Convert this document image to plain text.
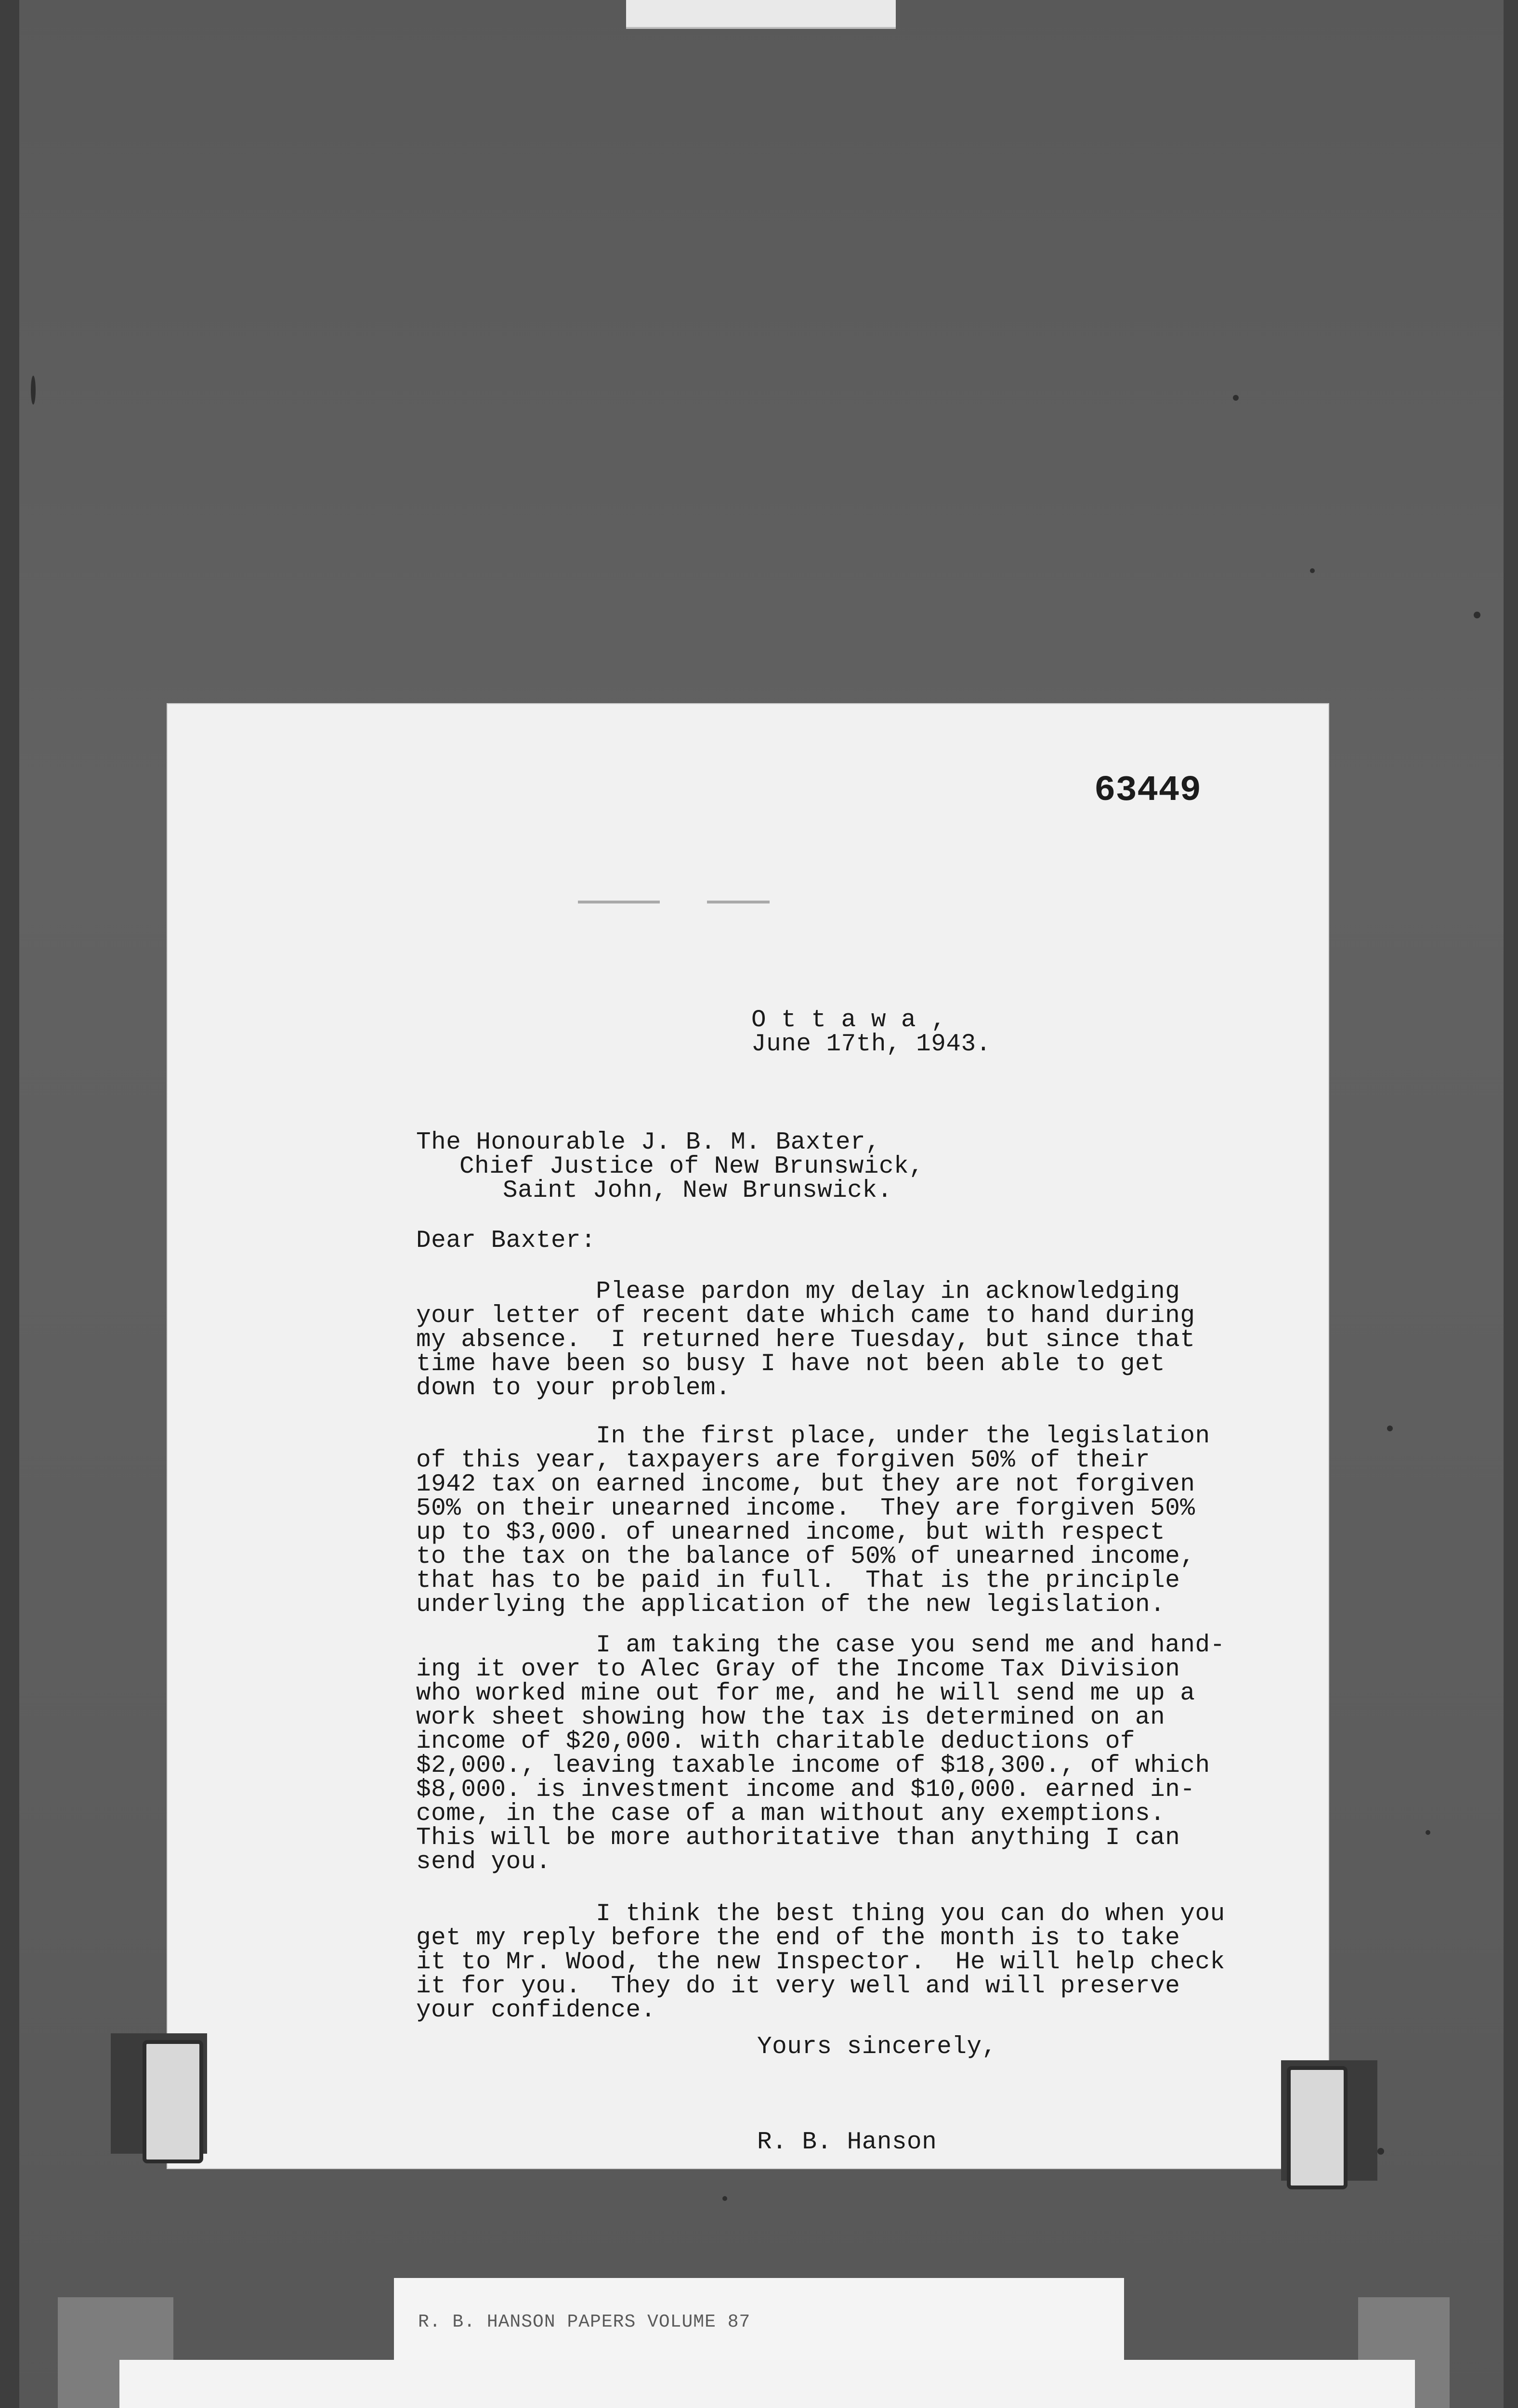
63449
O t t a w a ,
June 17th, 1943.
The Honourable J. B. M. Baxter,
Chief Justice of New Brunswick,
Saint John, New Brunswick.
Dear Baxter:
Please pardon my delay in acknowledging
your letter of recent date which came to hand during
my absence.  I returned here Tuesday, but since that
time have been so busy I have not been able to get
down to your problem.
In the first place, under the legislation
of this year, taxpayers are forgiven 50% of their
1942 tax on earned income, but they are not forgiven
50% on their unearned income.  They are forgiven 50%
up to $3,000. of unearned income, but with respect
to the tax on the balance of 50% of unearned income,
that has to be paid in full.  That is the principle
underlying the application of the new legislation.
I am taking the case you send me and hand-
ing it over to Alec Gray of the Income Tax Division
who worked mine out for me, and he will send me up a
work sheet showing how the tax is determined on an
income of $20,000. with charitable deductions of
$2,000., leaving taxable income of $18,300., of which
$8,000. is investment income and $10,000. earned in-
come, in the case of a man without any exemptions.
This will be more authoritative than anything I can
send you.
I think the best thing you can do when you
get my reply before the end of the month is to take
it to Mr. Wood, the new Inspector.  He will help check
it for you.  They do it very well and will preserve
your confidence.
Yours sincerely,
R. B. Hanson
R. B. HANSON PAPERS VOLUME 87
